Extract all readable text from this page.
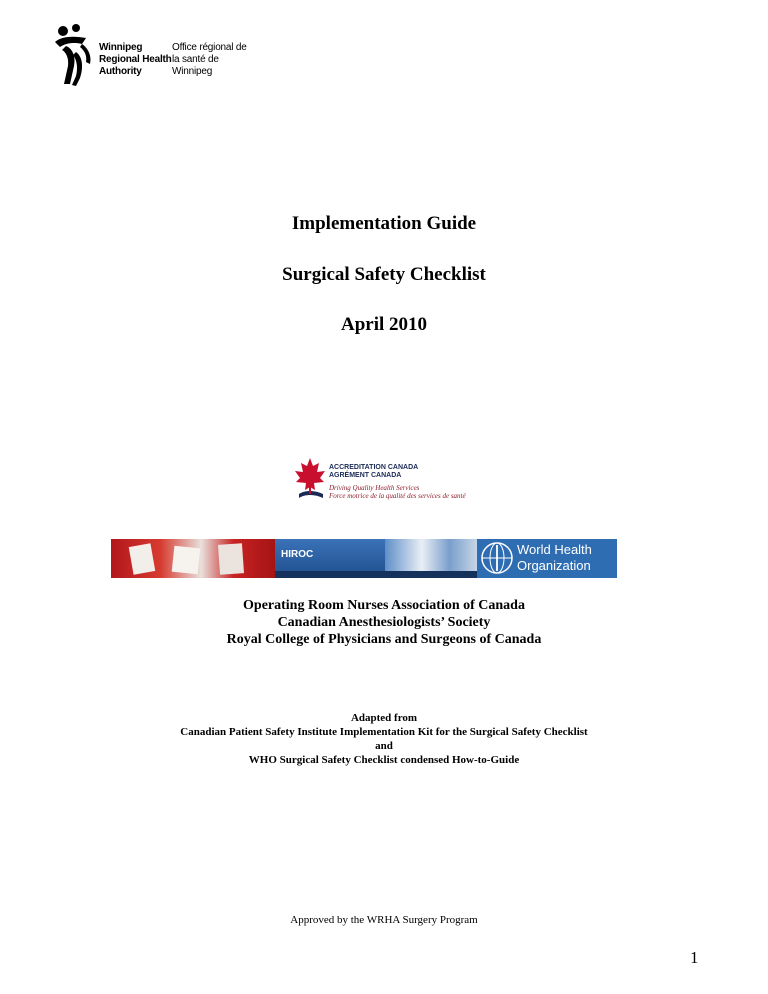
Winnipeg Regional Health Authority
Office régional de la santé de Winnipeg
Implementation Guide
Surgical Safety Checklist
April 2010
ACCREDITATION CANADA
AGRÉMENT CANADA
Driving Quality Health Services
Force motrice de la qualité des services de santé
HIROC	World Health
Organization
Operating Room Nurses Association of Canada
Canadian Anesthesiologists’ Society
Royal College of Physicians and Surgeons of Canada
Adapted from
Canadian Patient Safety Institute Implementation Kit for the Surgical Safety Checklist
and
WHO Surgical Safety Checklist condensed How-to-Guide
Approved by the WRHA Surgery Program
1
